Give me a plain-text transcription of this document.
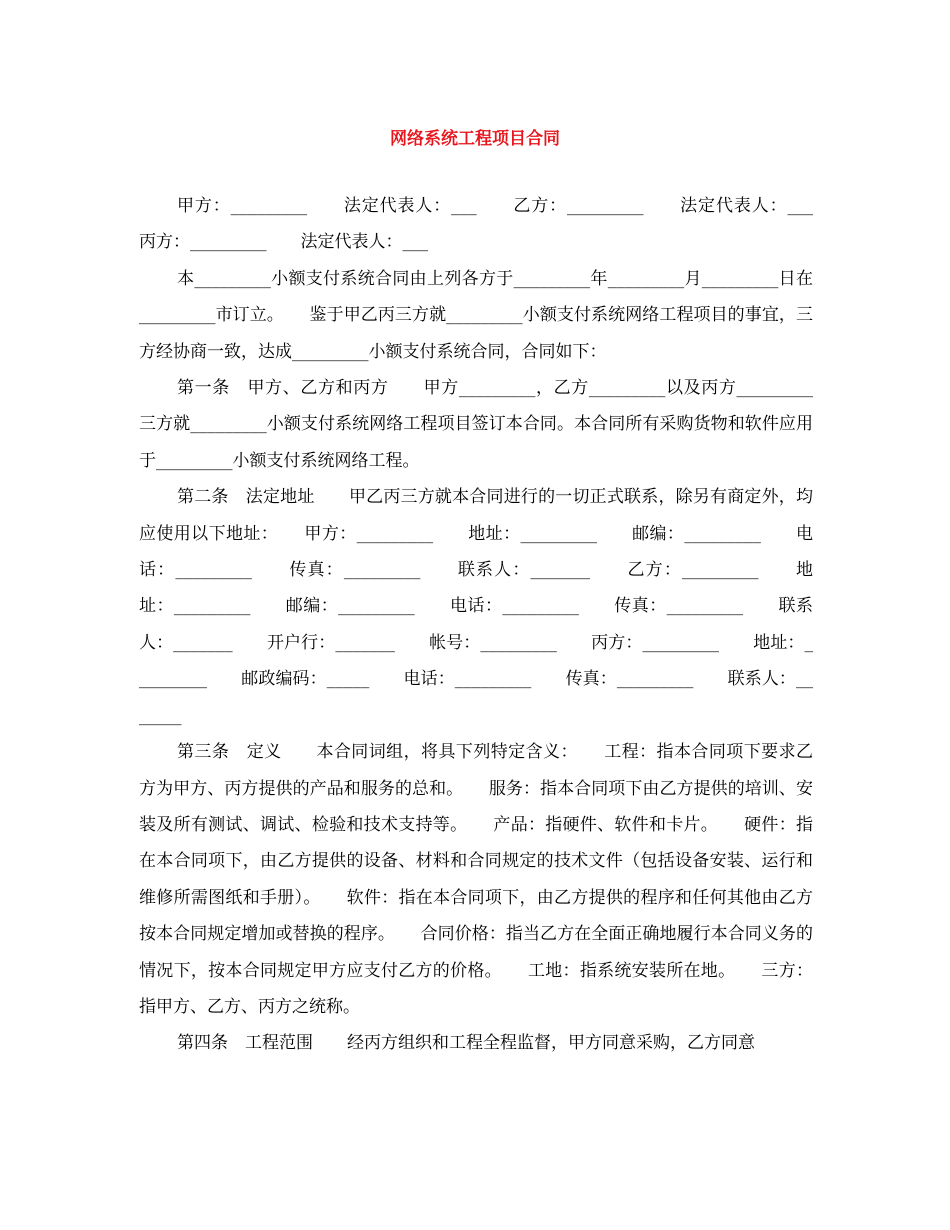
网络系统工程项目合同

甲方：_________　　法定代表人：___　　乙方：_________　　法定代表人：___　　丙方：_________　　法定代表人：___

本_________小额支付系统合同由上列各方于_________年_________月_________日在_________市订立。　　鉴于甲乙丙三方就_________小额支付系统网络工程项目的事宜，三方经协商一致，达成_________小额支付系统合同，合同如下：

第一条　甲方、乙方和丙方　　甲方_________，乙方_________以及丙方_________三方就_________小额支付系统网络工程项目签订本合同。本合同所有采购货物和软件应用于_________小额支付系统网络工程。

第二条　法定地址　　甲乙丙三方就本合同进行的一切正式联系，除另有商定外，均应使用以下地址：　　甲方：_________　　地址：_________　　邮编：_________　　电话：_________　　传真：_________　　联系人：_______　　乙方：_________　　地址：_________　　邮编：_________　　电话：_________　　传真：_________　　联系人：_______　　开户行：_______　　帐号：_________　　丙方：_________　　地址：_________　　邮政编码：_____　　电话：_________　　传真：_________　　联系人：_______

第三条　定义　　本合同词组，将具下列特定含义：　　工程：指本合同项下要求乙方为甲方、丙方提供的产品和服务的总和。　　服务：指本合同项下由乙方提供的培训、安装及所有测试、调试、检验和技术支持等。　　产品：指硬件、软件和卡片。　　硬件：指在本合同项下，由乙方提供的设备、材料和合同规定的技术文件（包括设备安装、运行和维修所需图纸和手册）。　　软件：指在本合同项下，由乙方提供的程序和任何其他由乙方按本合同规定增加或替换的程序。　　合同价格：指当乙方在全面正确地履行本合同义务的情况下，按本合同规定甲方应支付乙方的价格。　　工地：指系统安装所在地。　　三方：指甲方、乙方、丙方之统称。

第四条　工程范围　　经丙方组织和工程全程监督，甲方同意采购，乙方同意
